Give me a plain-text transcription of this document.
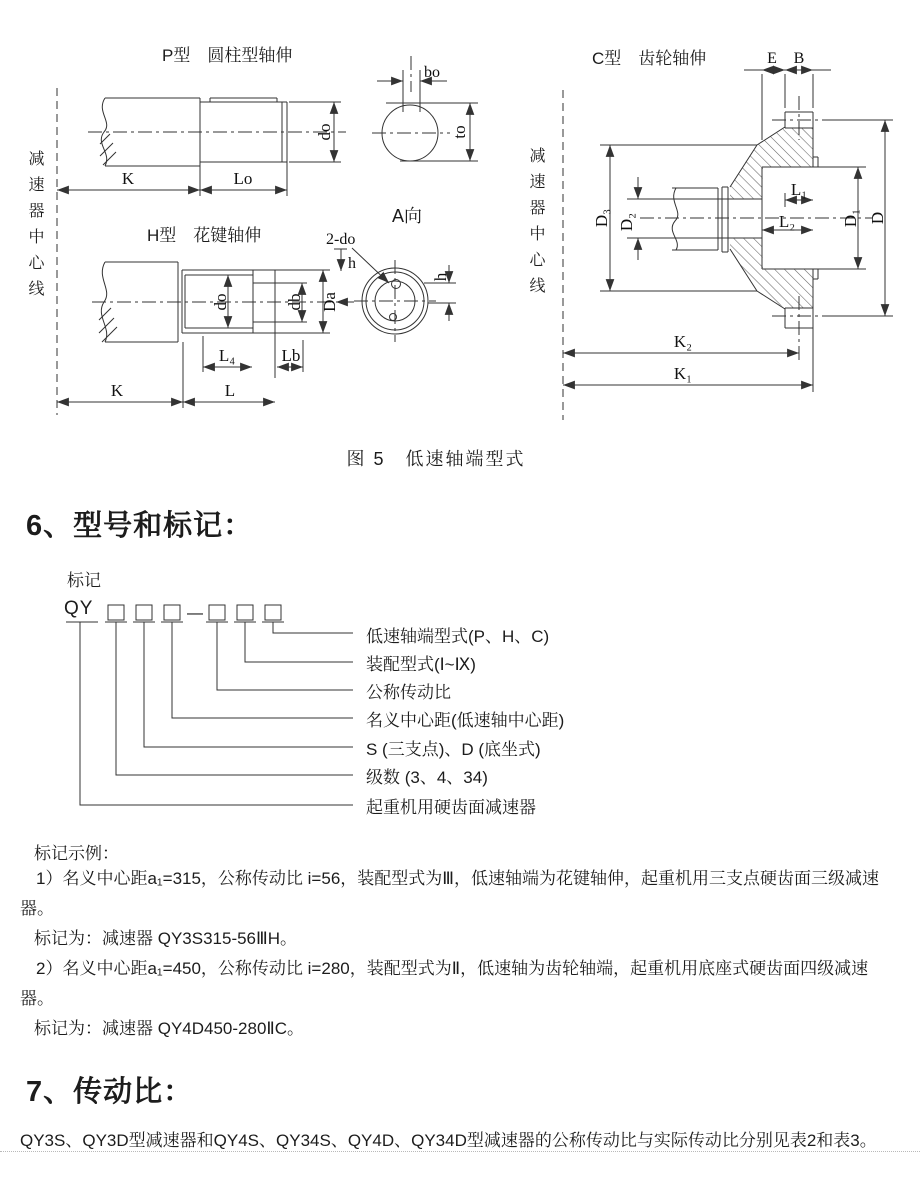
K	Lo
do
bo
to
do	db Da
L₄	Lb
K	L
2-do
h
h
E B
D₃ D₂
L₁
L₂	D₁ D
K₂
K₁
—
P型　圆柱型轴伸	C型　齿轮轴伸
H型　花键轴伸
A向
减速器中心线	减速器中心线
图 5　低速轴端型式
6、型号和标记：
标记
QY
低速轴端型式(P、H、C)
装配型式(Ⅰ~Ⅸ)
公称传动比
名义中心距(低速轴中心距)
S (三支点)、D (底坐式)
级数 (3、4、34)
起重机用硬齿面减速器
标记示例：
1）名义中心距a₁=315，公称传动比 i=56，装配型式为Ⅲ，低速轴端为花键轴伸，起重机用三支点硬齿面三级减速器。
标记为：减速器 QY3S315-56ⅢH。
2）名义中心距a₁=450，公称传动比 i=280，装配型式为Ⅱ，低速轴为齿轮轴端，起重机用底座式硬齿面四级减速器。
标记为：减速器 QY4D450-280ⅡC。
7、传动比：
QY3S、QY3D型减速器和QY4S、QY34S、QY4D、QY34D型减速器的公称传动比与实际传动比分别见表2和表3。
